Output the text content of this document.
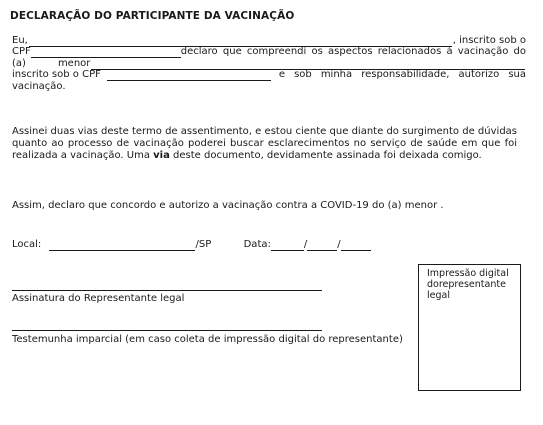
DECLARAÇÃO DO PARTICIPANTE DA VACINAÇÃO
Eu,	, inscrito sob o
CPF	declaro que compreendi os aspectos relacionados à vacinação do
(a)	menor
inscrito sob o CPF	e sob minha responsabilidade, autorizo sua
vacinação.
Assinei duas vias deste termo de assentimento, e estou ciente que diante do surgimento de dúvidas quanto ao processo de vacinação poderei buscar esclarecimentos no serviço de saúde em que foi realizada a vacinação. Uma via deste documento, devidamente assinada foi deixada comigo.
Assim, declaro que concordo e autorizo a vacinação contra a COVID-19 do (a) menor .
Local:	/SP	Data:	/	/
Assinatura do Representante legal
Testemunha imparcial (em caso coleta de impressão digital do representante)
Impressão digital dorepresentante legal
